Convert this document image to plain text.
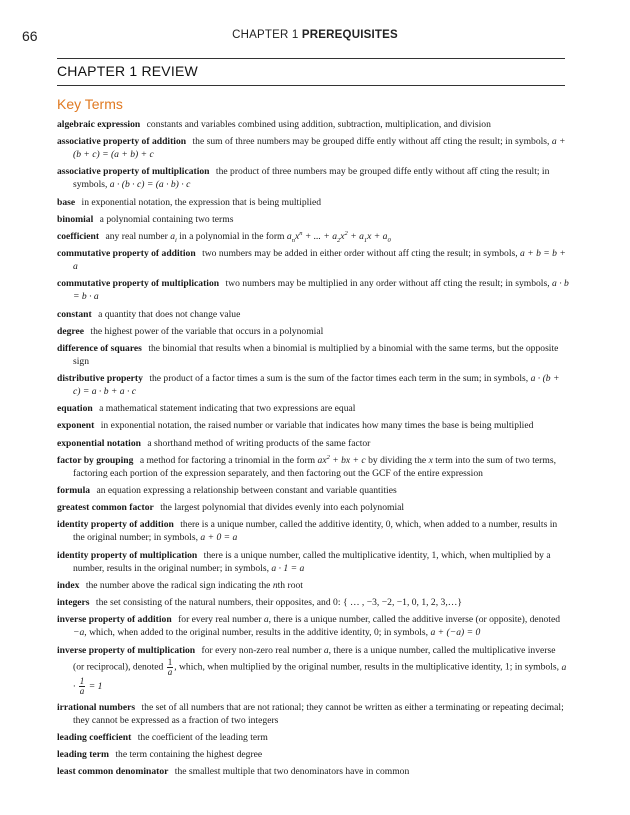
66	CHAPTER 1 PREREQUISITES
CHAPTER 1 REVIEW
Key Terms

algebraic expression constants and variables combined using addition, subtraction, multiplication, and division

associative property of addition the sum of three numbers may be grouped diffe ently without aff cting the result; in symbols, a + (b + c) = (a + b) + c

associative property of multiplication the product of three numbers may be grouped diffe ently without aff cting the result; in symbols, a · (b · c) = (a · b) · c

base in exponential notation, the expression that is being multiplied

binomial a polynomial containing two terms

coefficient any real number $a_i$ in a polynomial in the form $a_nx^n$ + ... + $a_2x^2 + a_1x + a_0$

commutative property of addition two numbers may be added in either order without aff cting the result; in symbols, a + b = b + a

commutative property of multiplication two numbers may be multiplied in any order without aff cting the result; in symbols, a · b = b · a

constant a quantity that does not change value

degree the highest power of the variable that occurs in a polynomial

difference of squares the binomial that results when a binomial is multiplied by a binomial with the same terms, but the opposite sign

distributive property the product of a factor times a sum is the sum of the factor times each term in the sum; in symbols, a · (b + c) = a · b + a · c

equation a mathematical statement indicating that two expressions are equal

exponent in exponential notation, the raised number or variable that indicates how many times the base is being multiplied

exponential notation a shorthand method of writing products of the same factor

factor by grouping a method for factoring a trinomial in the form $ax^2$ + bx + c by dividing the x term into the sum of two terms, factoring each portion of the expression separately, and then factoring out the GCF of the entire expression

formula an equation expressing a relationship between constant and variable quantities

greatest common factor the largest polynomial that divides evenly into each polynomial

identity property of addition there is a unique number, called the additive identity, 0, which, when added to a number, results in the original number; in symbols, a + 0 = a

identity property of multiplication there is a unique number, called the multiplicative identity, 1, which, when multiplied by a number, results in the original number; in symbols, a · 1 = a

index the number above the radical sign indicating the nth root

integers the set consisting of the natural numbers, their opposites, and 0: { … , −3, −2, −1, 0, 1, 2, 3,…}

inverse property of addition for every real number a, there is a unique number, called the additive inverse (or opposite), denoted −a, which, when added to the original number, results in the additive identity, 0; in symbols, a + (−a) = 0

inverse property of multiplication for every non-zero real number a, there is a unique number, called the multiplicative inverse (or reciprocal), denoted $\frac{1}{a}$ , which, when multiplied by the original number, results in the multiplicative identity, 1; in symbols, $a \cdot \frac{1}{a} = 1$

irrational numbers the set of all numbers that are not rational; they cannot be written as either a terminating or repeating decimal; they cannot be expressed as a fraction of two integers

leading coefficient the coefficient of the leading term

leading term the term containing the highest degree

least common denominator the smallest multiple that two denominators have in common
